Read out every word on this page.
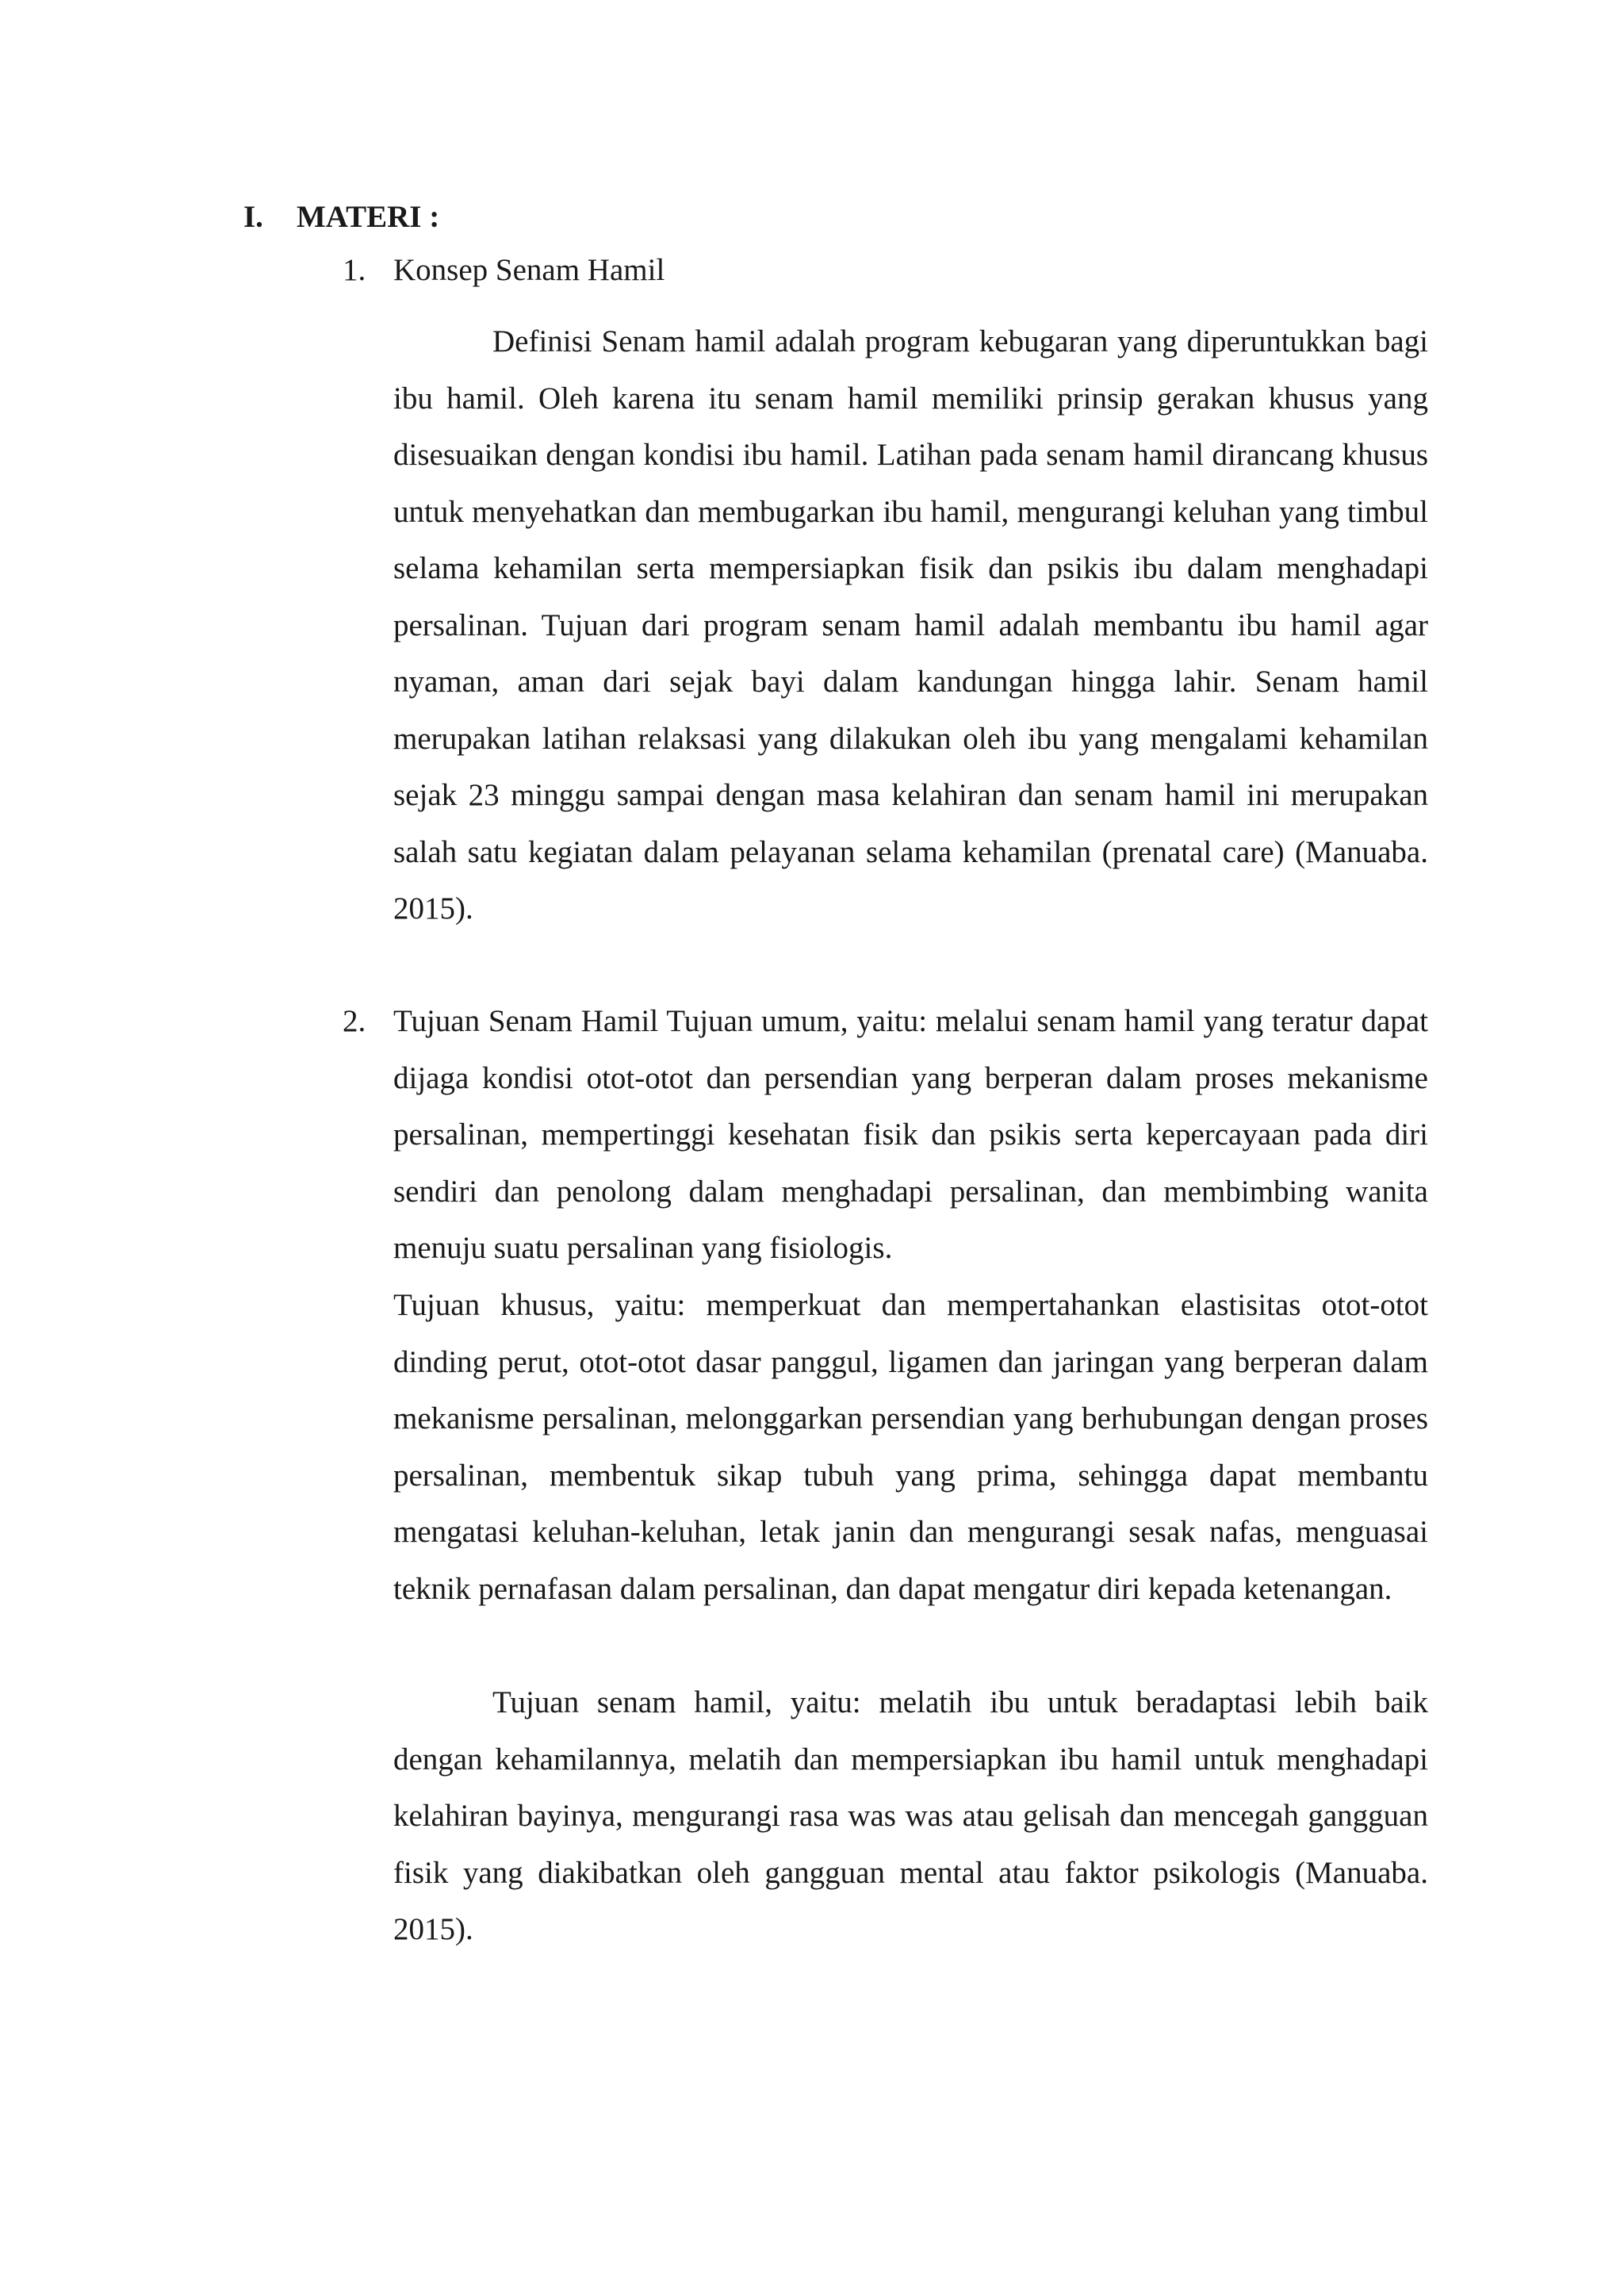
I. MATERI :
1. Konsep Senam Hamil

Definisi Senam hamil adalah program kebugaran yang diperuntukkan bagi ibu hamil. Oleh karena itu senam hamil memiliki prinsip gerakan khusus yang disesuaikan dengan kondisi ibu hamil. Latihan pada senam hamil dirancang khusus untuk menyehatkan dan membugarkan ibu hamil, mengurangi keluhan yang timbul selama kehamilan serta mempersiapkan fisik dan psikis ibu dalam menghadapi persalinan. Tujuan dari program senam hamil adalah membantu ibu hamil agar nyaman, aman dari sejak bayi dalam kandungan hingga lahir. Senam hamil merupakan latihan relaksasi yang dilakukan oleh ibu yang mengalami kehamilan sejak 23 minggu sampai dengan masa kelahiran dan senam hamil ini merupakan salah satu kegiatan dalam pelayanan selama kehamilan (prenatal care) (Manuaba. 2015).

2. Tujuan Senam Hamil Tujuan umum, yaitu: melalui senam hamil yang teratur dapat dijaga kondisi otot-otot dan persendian yang berperan dalam proses mekanisme persalinan, mempertinggi kesehatan fisik dan psikis serta kepercayaan pada diri sendiri dan penolong dalam menghadapi persalinan, dan membimbing wanita menuju suatu persalinan yang fisiologis.

Tujuan khusus, yaitu: memperkuat dan mempertahankan elastisitas otot-otot dinding perut, otot-otot dasar panggul, ligamen dan jaringan yang berperan dalam mekanisme persalinan, melonggarkan persendian yang berhubungan dengan proses persalinan, membentuk sikap tubuh yang prima, sehingga dapat membantu mengatasi keluhan-keluhan, letak janin dan mengurangi sesak nafas, menguasai teknik pernafasan dalam persalinan, dan dapat mengatur diri kepada ketenangan.

Tujuan senam hamil, yaitu: melatih ibu untuk beradaptasi lebih baik dengan kehamilannya, melatih dan mempersiapkan ibu hamil untuk menghadapi kelahiran bayinya, mengurangi rasa was was atau gelisah dan mencegah gangguan fisik yang diakibatkan oleh gangguan mental atau faktor psikologis (Manuaba. 2015).
